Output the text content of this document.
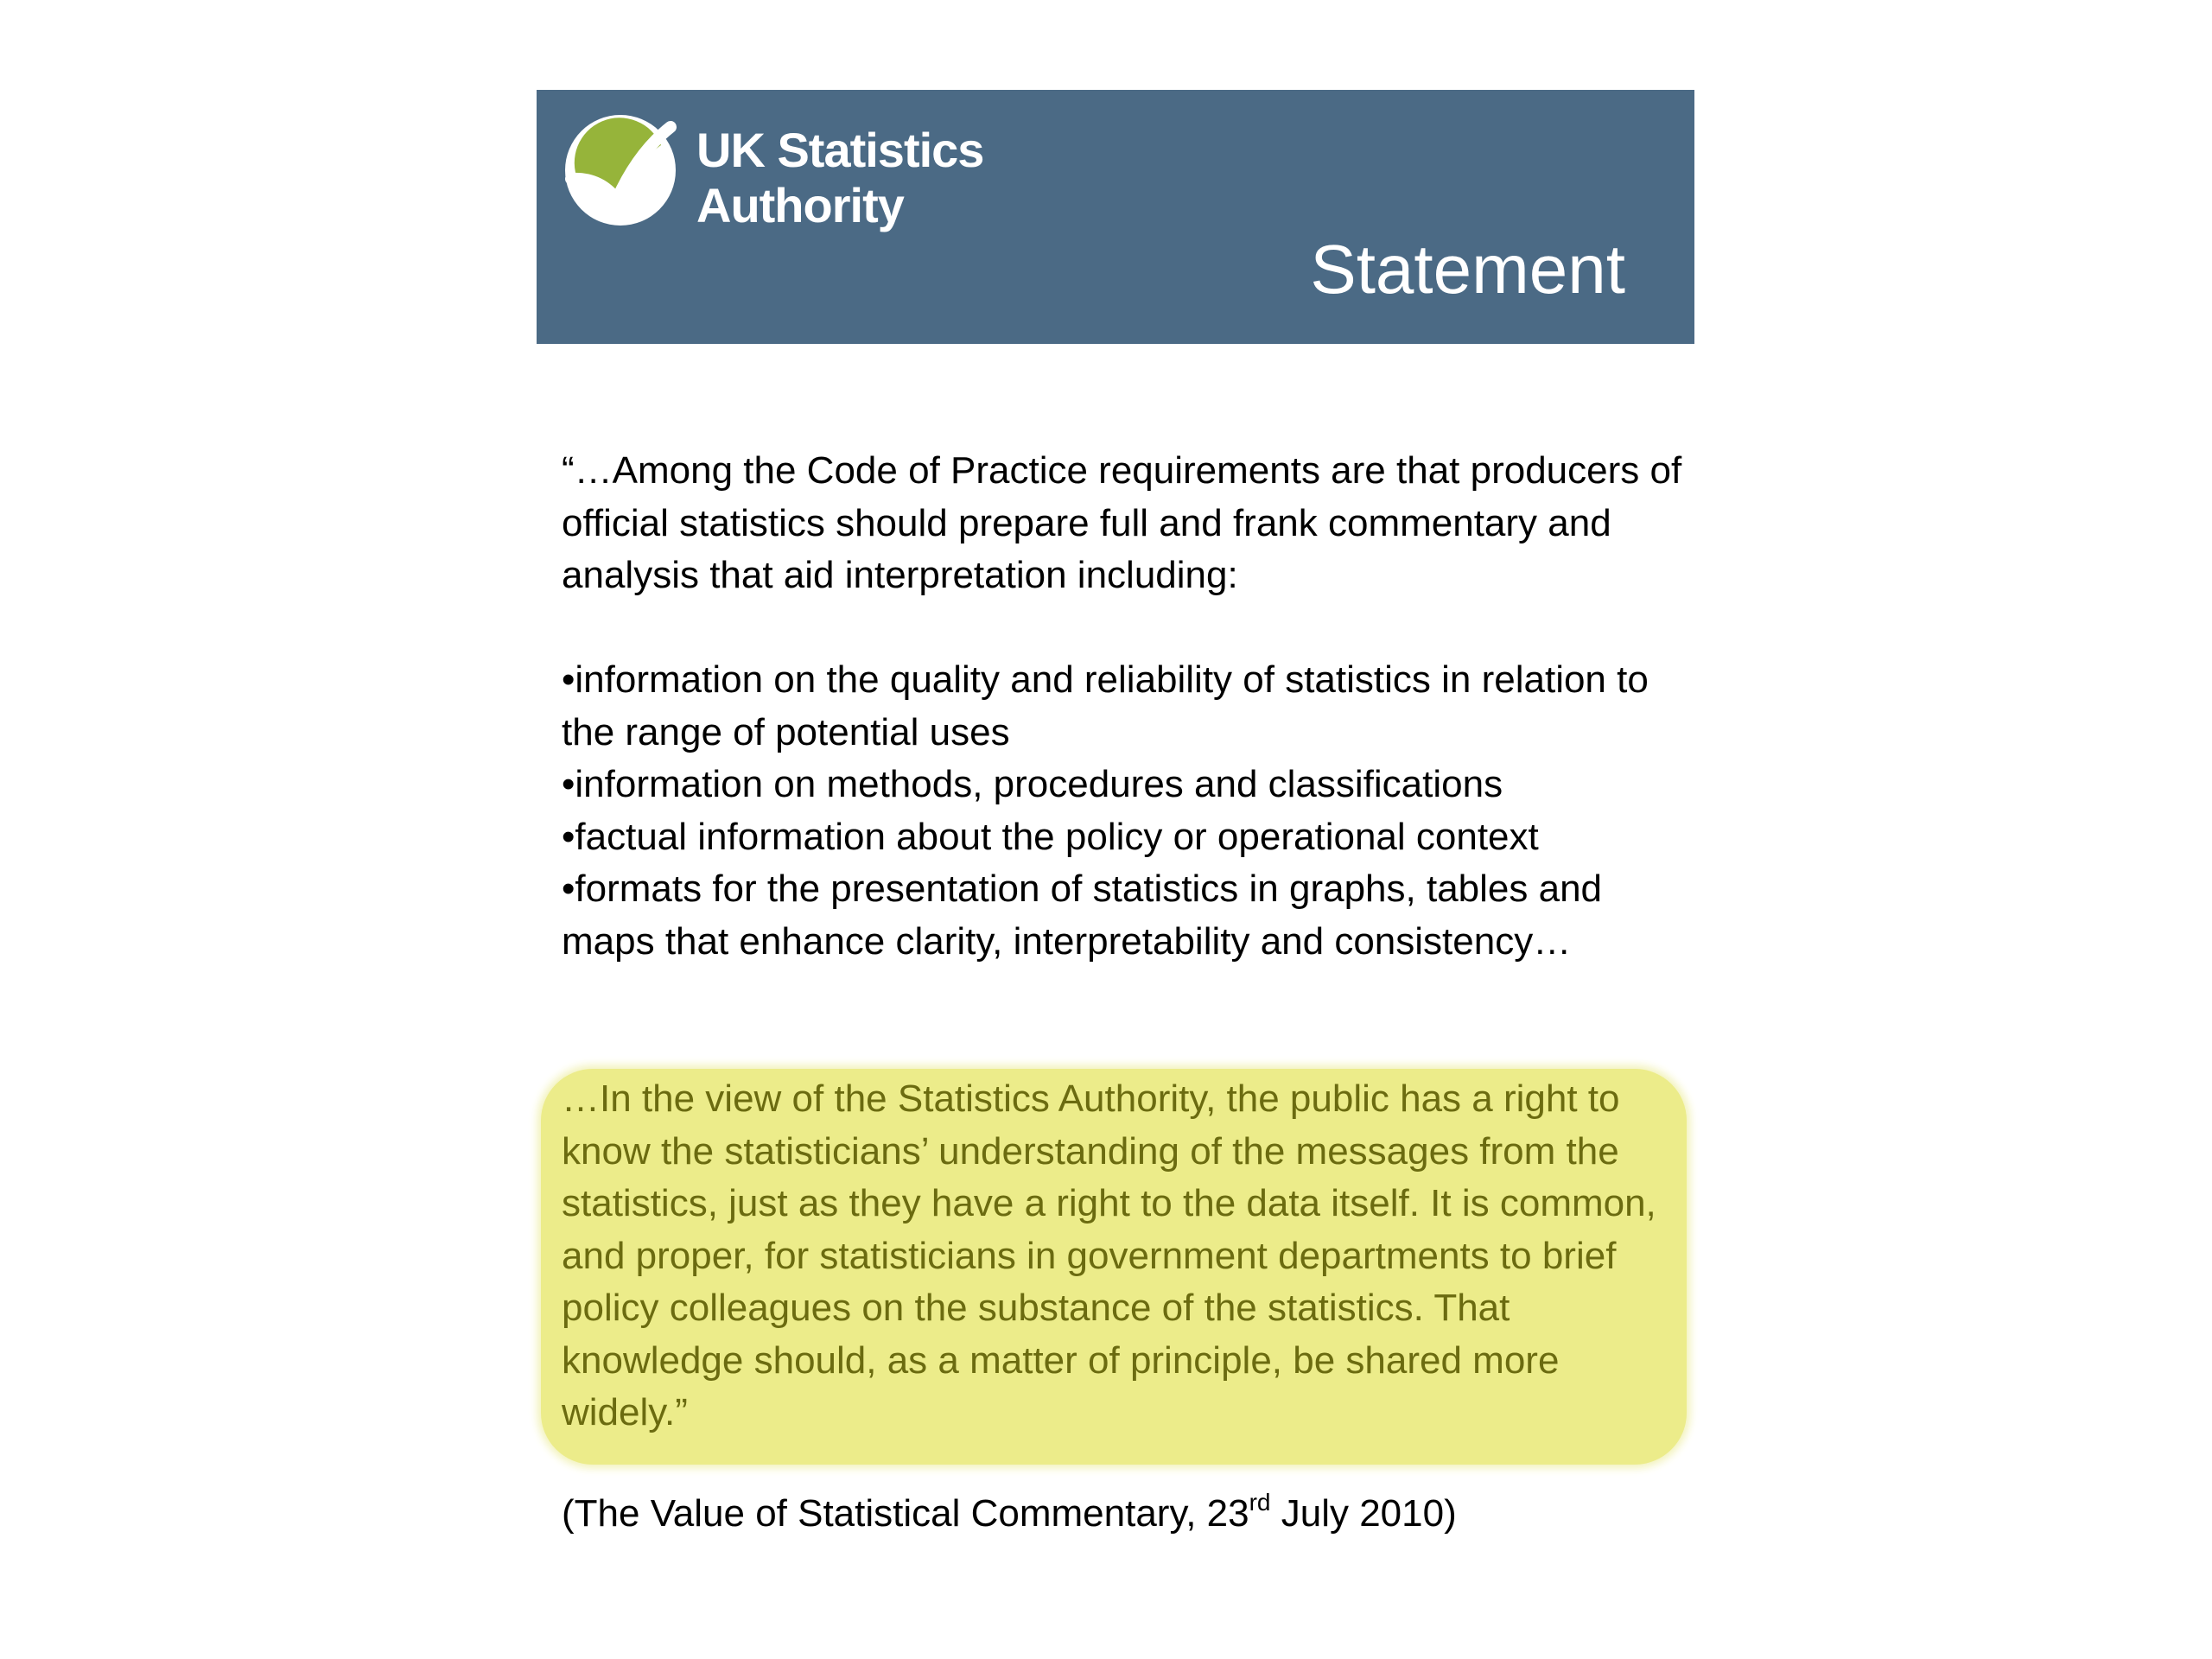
UK Statistics
Authority
Statement
“…Among the Code of Practice requirements are that producers of official statistics should prepare full and frank commentary and analysis that aid interpretation including:

•information on the quality and reliability of statistics in relation to the range of potential uses

•information on methods, procedures and classifications

•factual information about the policy or operational context

•formats for the presentation of statistics in graphs, tables and maps that enhance clarity, interpretability and consistency…

…In the view of the Statistics Authority, the public has a right to know the statisticians’ understanding of the messages from the statistics, just as they have a right to the data itself. It is common, and proper, for statisticians in government departments to brief policy colleagues on the substance of the statistics. That knowledge should, as a matter of principle, be shared more widely.”
(The Value of Statistical Commentary, 23rd July 2010)
